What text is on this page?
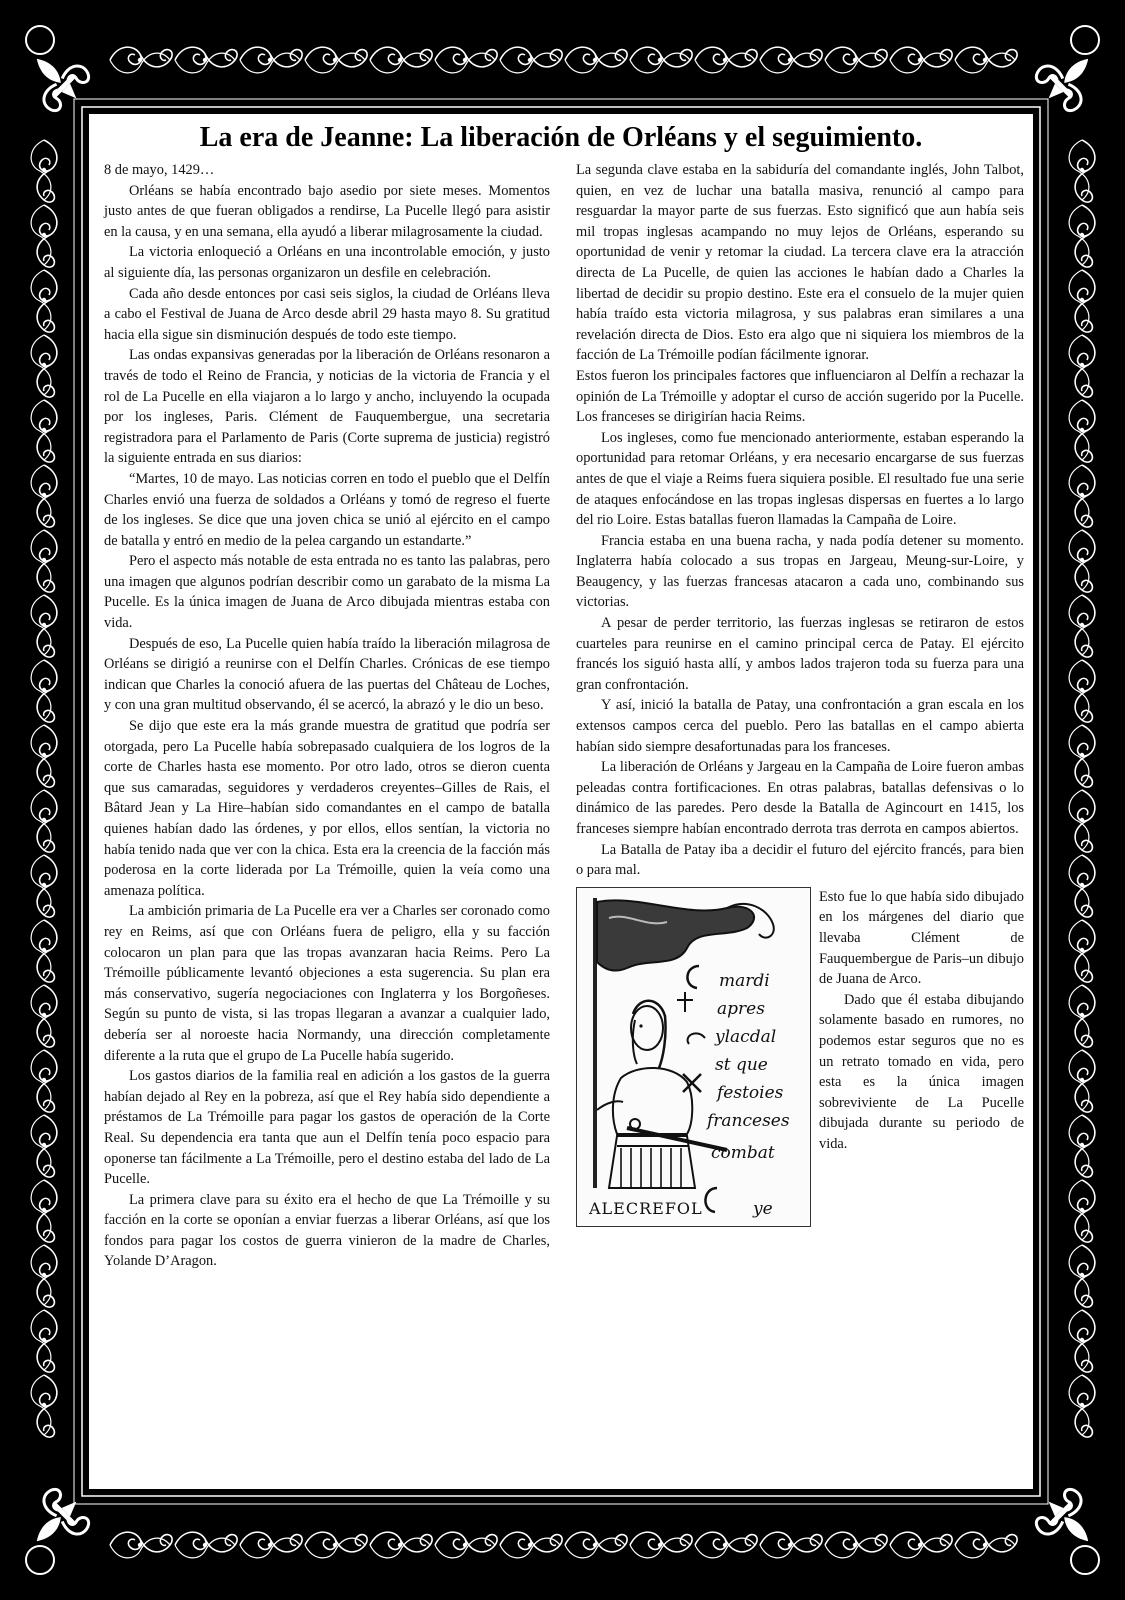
La era de Jeanne: La liberación de Orléans y el seguimiento.

8 de mayo, 1429…

Orléans se había encontrado bajo asedio por siete meses. Momentos justo antes de que fueran obligados a rendirse, La Pucelle llegó para asistir en la causa, y en una semana, ella ayudó a liberar milagrosamente la ciudad.

La victoria enloqueció a Orléans en una incontrolable emoción, y justo al siguiente día, las personas organizaron un desfile en celebración.

Cada año desde entonces por casi seis siglos, la ciudad de Orléans lleva a cabo el Festival de Juana de Arco desde abril 29 hasta mayo 8. Su gratitud hacia ella sigue sin disminución después de todo este tiempo.

Las ondas expansivas generadas por la liberación de Orléans resonaron a través de todo el Reino de Francia, y noticias de la victoria de Francia y el rol de La Pucelle en ella viajaron a lo largo y ancho, incluyendo la ocupada por los ingleses, Paris. Clément de Fauquembergue, una secretaria registradora para el Parlamento de Paris (Corte suprema de justicia) registró la siguiente entrada en sus diarios:

“Martes, 10 de mayo. Las noticias corren en todo el pueblo que el Delfín Charles envió una fuerza de soldados a Orléans y tomó de regreso el fuerte de los ingleses. Se dice que una joven chica se unió al ejército en el campo de batalla y entró en medio de la pelea cargando un estandarte.”

Pero el aspecto más notable de esta entrada no es tanto las palabras, pero una imagen que algunos podrían describir como un garabato de la misma La Pucelle. Es la única imagen de Juana de Arco dibujada mientras estaba con vida.

Después de eso, La Pucelle quien había traído la liberación milagrosa de Orléans se dirigió a reunirse con el Delfín Charles. Crónicas de ese tiempo indican que Charles la conoció afuera de las puertas del Château de Loches, y con una gran multitud observando, él se acercó, la abrazó y le dio un beso.

Se dijo que este era la más grande muestra de gratitud que podría ser otorgada, pero La Pucelle había sobrepasado cualquiera de los logros de la corte de Charles hasta ese momento. Por otro lado, otros se dieron cuenta que sus camaradas, seguidores y verdaderos creyentes–Gilles de Rais, el Bâtard Jean y La Hire–habían sido comandantes en el campo de batalla quienes habían dado las órdenes, y por ellos, ellos sentían, la victoria no había tenido nada que ver con la chica. Esta era la creencia de la facción más poderosa en la corte liderada por La Trémoille, quien la veía como una amenaza política.

La ambición primaria de La Pucelle era ver a Charles ser coronado como rey en Reims, así que con Orléans fuera de peligro, ella y su facción colocaron un plan para que las tropas avanzaran hacia Reims. Pero La Trémoille públicamente levantó objeciones a esta sugerencia. Su plan era más conservativo, sugería negociaciones con Inglaterra y los Borgoñeses. Según su punto de vista, si las tropas llegaran a avanzar a cualquier lado, debería ser al noroeste hacia Normandy, una dirección completamente diferente a la ruta que el grupo de La Pucelle había sugerido.

Los gastos diarios de la familia real en adición a los gastos de la guerra habían dejado al Rey en la pobreza, así que el Rey había sido dependiente a préstamos de La Trémoille para pagar los gastos de operación de la Corte Real. Su dependencia era tanta que aun el Delfín tenía poco espacio para oponerse tan fácilmente a La Trémoille, pero el destino estaba del lado de La Pucelle.

La primera clave para su éxito era el hecho de que La Trémoille y su facción en la corte se oponían a enviar fuerzas a liberar Orléans, así que los fondos para pagar los costos de guerra vinieron de la madre de Charles, Yolande D’Aragon.

La segunda clave estaba en la sabiduría del comandante inglés, John Talbot, quien, en vez de luchar una batalla masiva, renunció al campo para resguardar la mayor parte de sus fuerzas. Esto significó que aun había seis mil tropas inglesas acampando no muy lejos de Orléans, esperando su oportunidad de venir y retomar la ciudad. La tercera clave era la atracción directa de La Pucelle, de quien las acciones le habían dado a Charles la libertad de decidir su propio destino. Este era el consuelo de la mujer quien había traído esta victoria milagrosa, y sus palabras eran similares a una revelación directa de Dios. Esto era algo que ni siquiera los miembros de la facción de La Trémoille podían fácilmente ignorar.

Estos fueron los principales factores que influenciaron al Delfín a rechazar la opinión de La Trémoille y adoptar el curso de acción sugerido por la Pucelle. Los franceses se dirigirían hacia Reims.

Los ingleses, como fue mencionado anteriormente, estaban esperando la oportunidad para retomar Orléans, y era necesario encargarse de sus fuerzas antes de que el viaje a Reims fuera siquiera posible. El resultado fue una serie de ataques enfocándose en las tropas inglesas dispersas en fuertes a lo largo del rio Loire. Estas batallas fueron llamadas la Campaña de Loire.

Francia estaba en una buena racha, y nada podía detener su momento. Inglaterra había colocado a sus tropas en Jargeau, Meung-sur-Loire, y Beaugency, y las fuerzas francesas atacaron a cada uno, combinando sus victorias.

A pesar de perder territorio, las fuerzas inglesas se retiraron de estos cuarteles para reunirse en el camino principal cerca de Patay. El ejército francés los siguió hasta allí, y ambos lados trajeron toda su fuerza para una gran confrontación.

Y así, inició la batalla de Patay, una confrontación a gran escala en los extensos campos cerca del pueblo. Pero las batallas en el campo abierta habían sido siempre desafortunadas para los franceses.

La liberación de Orléans y Jargeau en la Campaña de Loire fueron ambas peleadas contra fortificaciones. En otras palabras, batallas defensivas o lo dinámico de las paredes. Pero desde la Batalla de Agincourt en 1415, los franceses siempre habían encontrado derrota tras derrota en campos abiertos.

La Batalla de Patay iba a decidir el futuro del ejército francés, para bien o para mal.

mardi
apres
ylacdal
st que
festoies
franceses
combat
ye
ALECREFOL

Esto fue lo que había sido dibujado en los márgenes del diario que llevaba Clément de Fauquembergue de Paris–un dibujo de Juana de Arco.

Dado que él estaba dibujando solamente basado en rumores, no podemos estar seguros que no es un retrato tomado en vida, pero esta es la única imagen sobreviviente de La Pucelle dibujada durante su periodo de vida.
